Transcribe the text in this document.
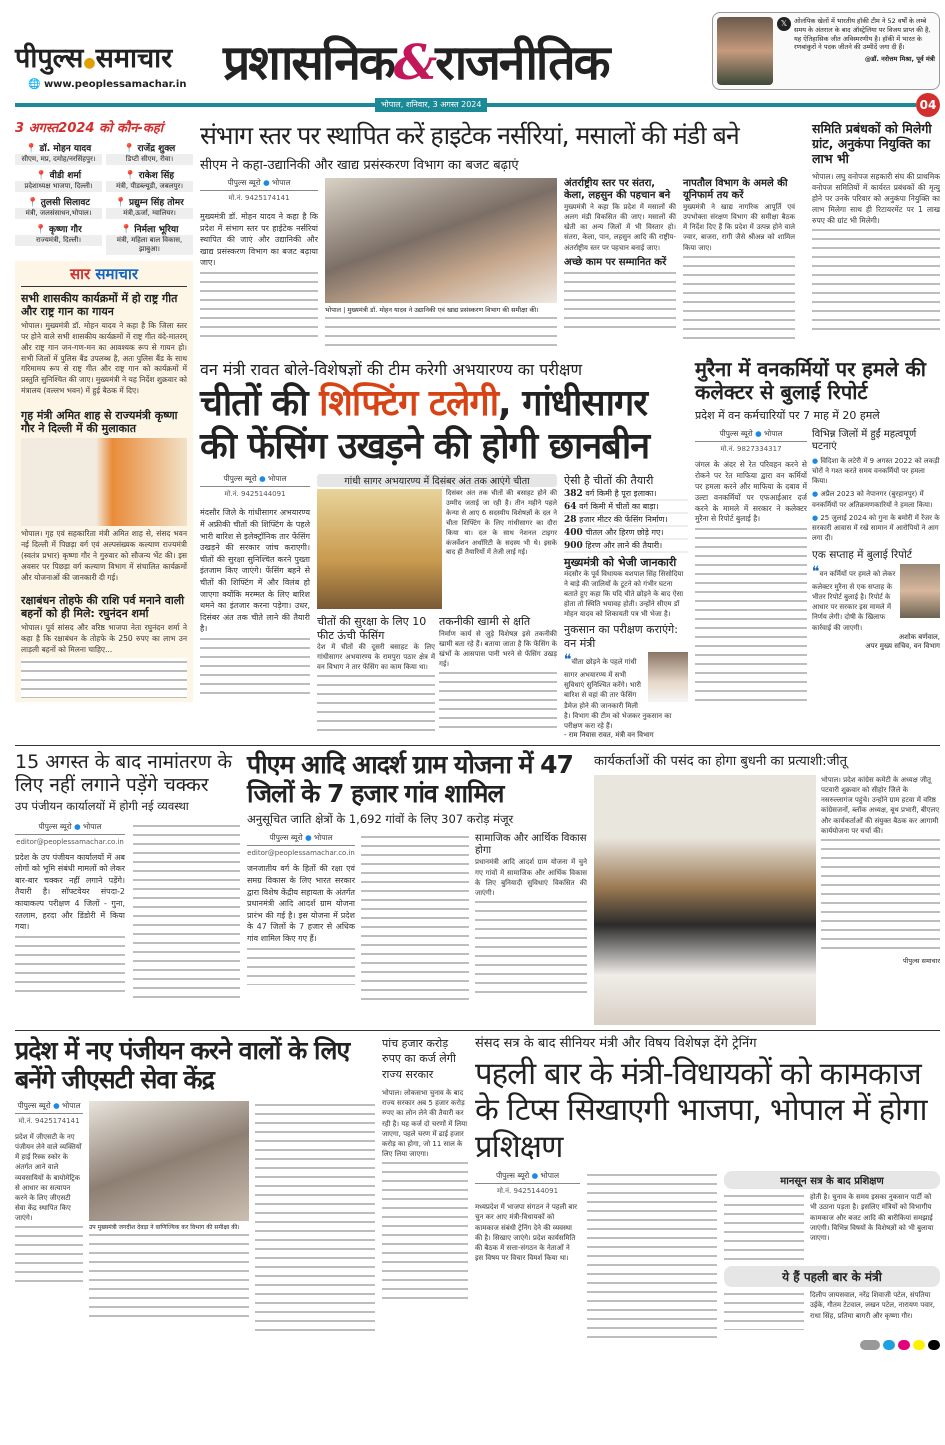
पीपुल्स●समाचार
🌐 www.peoplessamachar.in प्रशासनिक&राजनीतिक
𝕏	ओलंपिक खेलों में भारतीय हॉकी टीम ने 52 वर्षों के लम्बे समय के अंतराल के बाद ऑस्ट्रेलिया पर विजय प्राप्त की है, यह ऐतिहासिक जीत अविस्मरणीय है। हॉकी में भारत के रणबांकुरों ने पदक जीतने की उम्मीदें जगा दी हैं।
@डॉ. नरोत्तम मिश्रा, पूर्व मंत्री
भोपाल, शनिवार, 3 अगस्त 2024	04
3 अगस्त2024 को कौन-कहां
📍 डॉ. मोहन यादव
सीएम, मप्र, दमोह/नरसिंहपुर।
📍 राजेंद्र शुक्ल
डिप्टी सीएम, रीवा।
📍 वीडी शर्मा
प्रदेशाध्यक्ष भाजपा, दिल्ली।
📍 राकेश सिंह
मंत्री, पीडब्ल्यूडी, जबलपुर।
📍 तुलसी सिलावट
मंत्री, जलसंसाधन,भोपाल।
📍 प्रद्युम्न सिंह तोमर
मंत्री,ऊर्जा, ग्वालियर।
📍 कृष्णा गौर
राज्यमंत्री, दिल्ली।
📍 निर्मला भूरिया
मंत्री, महिला बाल विकास, झाबुआ।
सार समाचार
सभी शासकीय कार्यक्रमों में हो राष्ट्र गीत और राष्ट्र गान का गायन
भोपाल। मुख्यमंत्री डॉ. मोहन यादव ने कहा है कि जिला स्तर पर होने वाले सभी शासकीय कार्यक्रमों में राष्ट्र गीत वंदे-मातरम् और राष्ट्र गान जन-गण-मन का आवश्यक रूप से गायन हो। सभी जिलों में पुलिस बैंड उपलब्ध है, अतः पुलिस बैंड के साथ गरिमामय रूप से राष्ट्र गीत और राष्ट्र गान को कार्यक्रमों में प्रस्तुति सुनिश्चित की जाए। मुख्यमंत्री ने यह निर्देश शुक्रवार को मंत्रालय (वल्लभ भवन) में हुई बैठक में दिए।
गृह मंत्री अमित शाह से राज्यमंत्री कृष्णा गौर ने दिल्ली में की मुलाकात
भोपाल। गृह एवं सहकारिता मंत्री अमित शाह से, संसद भवन नई दिल्ली में पिछड़ा वर्ग एवं अल्पसंख्यक कल्याण राज्यमंत्री (स्वतंत्र प्रभार) कृष्णा गौर ने गुरुवार को सौजन्य भेंट की। इस अवसर पर पिछड़ा वर्ग कल्याण विभाग में संचालित कार्यक्रमों और योजनाओं की जानकारी दी गई।
रक्षाबंधन तोहफे की राशि पर्व मनाने वाली बहनों को ही मिले: रघुनंदन शर्मा
भोपाल। पूर्व सांसद और वरिष्ठ भाजपा नेता रघुनंदन शर्मा ने कहा है कि रक्षाबंधन के तोहफे के 250 रुपए का लाभ उन लाड़ली बहनों को मिलना चाहिए...
संभाग स्तर पर स्थापित करें हाइटेक नर्सरियां, मसालों की मंडी बने
सीएम ने कहा-उद्यानिकी और खाद्य प्रसंस्करण विभाग का बजट बढ़ाएं
पीपुल्स ब्यूरो ● भोपाल
मो.नं. 9425174141
मुख्यमंत्री डॉ. मोहन यादव ने कहा है कि प्रदेश में संभाग स्तर पर हाईटेक नर्सरियां स्थापित की जाएं और उद्यानिकी और खाद्य प्रसंस्करण विभाग का बजट बढ़ाया जाए।
भोपाल | मुख्यमंत्री डॉ. मोहन यादव ने उद्यानिकी एवं खाद्य प्रसंस्करण विभाग की समीक्षा की।
अंतर्राष्ट्रीय स्तर पर संतरा, केला, लहसुन की पहचान बने
मुख्यमंत्री ने कहा कि प्रदेश में मसालों की अलग मंडी विकसित की जाए। मसालों की खेती का अन्य जिलों में भी विस्तार हो। संतरा, केला, पान, लहसुन आदि की राष्ट्रीय-अंतर्राष्ट्रीय स्तर पर पहचान बनाई जाए।
अच्छे काम पर सम्मानित करें
नापतौल विभाग के अमले की यूनिफार्म तय करें
मुख्यमंत्री ने खाद्य नागरिक आपूर्ति एवं उपभोक्ता संरक्षण विभाग की समीक्षा बैठक में निर्देश दिए हैं कि प्रदेश में उत्पन्न होने वाले ज्वार, बाजरा, रागी जैसे श्रीअन्न को शामिल किया जाए।
समिति प्रबंधकों को मिलेगी ग्रांट, अनुकंपा नियुक्ति का लाभ भी
भोपाल। लघु वनोपज सहकारी संघ की प्राथमिक वनोपज समितियों में कार्यरत प्रबंधकों की मृत्यु होने पर उनके परिवार को अनुकंपा नियुक्ति का लाभ मिलेगा साथ ही रिटायरमेंट पर 1 लाख रुपए की ग्रांट भी मिलेगी।
वन मंत्री रावत बोले-विशेषज्ञों की टीम करेगी अभयारण्य का परीक्षण
चीतों की शिफ्टिंग टलेगी, गांधीसागर की फेंसिंग उखड़ने की होगी छानबीन
पीपुल्स ब्यूरो ● भोपाल
मो.नं. 9425144091
मंदसौर जिले के गांधीसागर अभयारण्य में अफ्रीकी चीतों की शिफ्टिंग के पहले भारी बारिश से इलेक्ट्रॉनिक तार फेंसिंग उखड़ने की सरकार जांच कराएगी। चीतों की सुरक्षा सुनिश्चित करने पुख्ता इंतजाम किए जाएंगे। फेंसिंग बहने से चीतों की शिफ्टिंग में और विलंब हो जाएगा क्योंकि मरम्मत के लिए बारिश थमने का इंतजार करना पड़ेगा। उधर, दिसंबर अंत तक चीते लाने की तैयारी है।
गांधी सागर अभयारण्य में दिसंबर अंत तक आएंगे चीता
दिसंबर अंत तक चीतों की बसाहट होने की उम्मीद जताई जा रही है। तीन महीने पहले केन्या से आए 6 सदस्यीय विशेषज्ञों के दल ने चीता शिफ्टिंग के लिए गांधीसागर का दौरा किया था। दल के साथ नेशनल टाइगर कंजर्वेशन अथॉरिटी के सदस्य भी थे। इसके बाद ही तैयारियों में तेजी लाई गई।
चीतों की सुरक्षा के लिए 10 फीट ऊंची फेंसिंग
देश में चीतों की दूसरी बसाहट के लिए गांधीसागर अभयारण्य के रामपुरा पठार क्षेत्र में वन विभाग ने तार फेंसिंग का काम किया था।
तकनीकी खामी से क्षति
निर्माण कार्य से जुड़े विशेषज्ञ इसे तकनीकी खामी बता रहे हैं। बताया जाता है कि फेंसिंग के खंभों के आसपास पानी भरने से फेंसिंग उखड़ गई।
ऐसी है चीतों की तैयारी
382 वर्ग किमी है पूरा इलाका।
64 वर्ग किमी में चीतों का बाड़ा।
28 हजार मीटर की फेंसिंग निर्माण।
400 चीतल और हिरण छोड़े गए।
900 हिरण और लाने की तैयारी।
मुख्यमंत्री को भेजी जानकारी
मंदसौर के पूर्व विधायक यशपाल सिंह सिसोदिया ने बाड़े की जालियों के टूटने को गंभीर घटना बताते हुए कहा कि यदि चीते छोड़ने के बाद ऐसा होता तो स्थिति भयावह होती। उन्होंने सीएम डॉ मोहन यादव को शिकायती पत्र भी भेजा है।
नुकसान का परीक्षण कराएंगे: वन मंत्री
❝चीता छोड़ने के पहले गांधी सागर अभयारण्य में सभी सुविधाएं सुनिश्चित करेंगे। भारी बारिश से वहां की तार फेंसिंग डैमेज होने की जानकारी मिली है। विभाग की टीम को भेजकर नुकसान का परीक्षण करा रहे हैं।
- राम निवास रावत, मंत्री वन विभाग
मुरैना में वनकर्मियों पर हमले की कलेक्टर से बुलाई रिपोर्ट
प्रदेश में वन कर्मचारियों पर 7 माह में 20 हमले
पीपुल्स ब्यूरो ● भोपाल
मो.नं. 9827334317
जंगल के अंदर से रेत परिवहन करने से रोकने पर रेत माफिया द्वारा वन कर्मियों पर हमला करने और माफिया के दबाव में उल्टा वनकर्मियों पर एफआईआर दर्ज करने के मामले में सरकार ने कलेक्टर मुरैना से रिपोर्ट बुलाई है।
विभिन्न जिलों में हुईं महत्वपूर्ण घटनाएं
● विदिशा के लटेरी में 9 अगस्त 2022 को लकड़ी चोरों ने गश्त करते समय वनकर्मियों पर हमला किया।
● अप्रैल 2023 को नेपानगर (बुरहानपुर) में वनकर्मियों पर अतिक्रमणकारियों ने हमला किया।
● 25 जुलाई 2024 को गुना के बमोरी में रेंजर के सरकारी आवास में रखे सामान में आरोपियों ने आग लगा दी।
एक सप्ताह में बुलाई रिपोर्ट
❝वन कर्मियों पर हमले को लेकर कलेक्टर मुरैना से एक सप्ताह के भीतर रिपोर्ट बुलाई है। रिपोर्ट के आधार पर सरकार इस मामले में निर्णय लेगी। दोषी के खिलाफ कार्रवाई की जाएगी।
अशोक बर्णवाल,
अपर मुख्य सचिव, वन विभाग
15 अगस्त के बाद नामांतरण के लिए नहीं लगाने पड़ेंगे चक्कर
उप पंजीयन कार्यालयों में होगी नई व्यवस्था
पीपुल्स ब्यूरो ● भोपाल
editor@peoplessamachar.co.in
प्रदेश के उप पंजीयन कार्यालयों में अब लोगों को भूमि संबंधी मामलों को लेकर बार-बार चक्कर नहीं लगाने पड़ेंगे। तैयारी है। सॉफ्टवेयर संपदा-2 कायाकल्प परीक्षण 4 जिलों - गुना, रतलाम, हरदा और डिंडोरी में किया गया।
पीएम आदि आदर्श ग्राम योजना में 47 जिलों के 7 हजार गांव शामिल
अनुसूचित जाति क्षेत्रों के 1,692 गांवों के लिए 307 करोड़ मंजूर
पीपुल्स ब्यूरो ● भोपाल
editor@peoplessamachar.co.in
जनजातीय वर्ग के हितों की रक्षा एवं समग्र विकास के लिए भारत सरकार द्वारा विशेष केंद्रीय सहायता के अंतर्गत प्रधानमंत्री आदि आदर्श ग्राम योजना प्रारंभ की गई है। इस योजना में प्रदेश के 47 जिलों के 7 हजार से अधिक गांव शामिल किए गए हैं।
सामाजिक और आर्थिक विकास होगा
प्रधानमंत्री आदि आदर्श ग्राम योजना में चुने गए गांवों में सामाजिक और आर्थिक विकास के लिए बुनियादी सुविधाएं विकसित की जाएंगी।
कार्यकर्ताओं की पसंद का होगा बुधनी का प्रत्याशी:जीतू
भोपाल। प्रदेश कांग्रेस कमेटी के अध्यक्ष जीतू पटवारी शुक्रवार को सीहोर जिले के नसरुल्लागंज पहुंचे। उन्होंने ग्राम हटवा में वरिष्ठ कांग्रेसजनों, ब्लॉक अध्यक्ष, बूथ प्रभारी, बीएलए और कार्यकर्ताओं की संयुक्त बैठक कर आगामी कार्ययोजना पर चर्चा की।
पीपुल्स समाचार
प्रदेश में नए पंजीयन करने वालों के लिए बनेंगे जीएसटी सेवा केंद्र
पीपुल्स ब्यूरो ● भोपाल
मो.नं. 9425174141
प्रदेश में जीएसटी के नए पंजीयन लेने वाले व्यक्तियों में हाई रिस्क स्कोर के अंतर्गत आने वाले व्यवसायियों के बायोमेट्रिक से आधार का सत्यापन करने के लिए जीएसटी सेवा केंद्र स्थापित किए जाएंगे।
उप मुख्यमंत्री जगदीश देवड़ा ने वाणिज्यिक कर विभाग की समीक्षा की।
पांच हजार करोड़ रुपए का कर्ज लेगी राज्य सरकार
भोपाल। लोकसभा चुनाव के बाद राज्य सरकार अब 5 हजार करोड़ रुपए का लोन लेने की तैयारी कर रही है। यह कर्ज दो चरणों में लिया जाएगा, पहले चरण में ढाई हजार करोड़ का होगा, जो 11 साल के लिए लिया जाएगा।
संसद सत्र के बाद सीनियर मंत्री और विषय विशेषज्ञ देंगे ट्रेनिंग
पहली बार के मंत्री-विधायकों को कामकाज के टिप्स सिखाएगी भाजपा, भोपाल में होगा प्रशिक्षण
पीपुल्स ब्यूरो ● भोपाल
मो.नं. 9425144091
मध्यप्रदेश में भाजपा संगठन ने पहली बार चुन कर आए मंत्री-विधायकों को कामकाज संबंधी ट्रेनिंग देने की व्यवस्था की है। सिखाए जाएंगे। प्रदेश कार्यसमिति की बैठक में सत्ता-संगठन के नेताओं ने इस विषय पर विचार विमर्श किया था।
मानसून सत्र के बाद प्रशिक्षण
होती है। चुनाव के समय इसका नुकसान पार्टी को भी उठाना पड़ता है। इसलिए मंत्रियों को विभागीय कामकाज और बजट आदि की बारीकियां समझाई जाएंगी। विभिन्न विषयों के विशेषज्ञों को भी बुलाया जाएगा।
ये हैं पहली बार के मंत्री
दिलीप जायसवाल, नरेंद्र शिवाजी पटेल, संपतिया उईके, गौतम टेटवाल, लखन पटेल, नारायण पवार, राधा सिंह, प्रतिमा बागरी और कृष्णा गौर।
